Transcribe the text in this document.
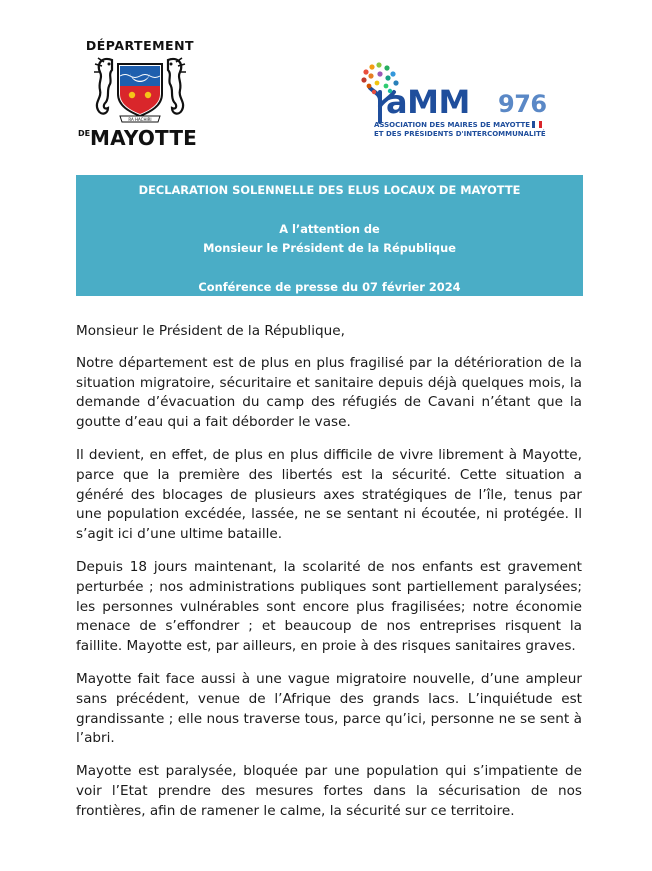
DÉPARTEMENT
RA HACHIRI
DE MAYOTTE
aMM 976
ASSOCIATION DES MAIRES DE MAYOTTE
ET DES PRÉSIDENTS D'INTERCOMMUNALITÉ
DECLARATION SOLENNELLE DES ELUS LOCAUX DE MAYOTTE
A l’attention de
Monsieur le Président de la République
Conférence de presse du 07 février 2024

Monsieur le Président de la République,

Notre département est de plus en plus fragilisé par la détérioration de la situation migratoire, sécuritaire et sanitaire depuis déjà quelques mois, la demande d’évacuation du camp des réfugiés de Cavani n’étant que la goutte d’eau qui a fait déborder le vase.

Il devient, en effet, de plus en plus difficile de vivre librement à Mayotte, parce que la première des libertés est la sécurité. Cette situation a généré des blocages de plusieurs axes stratégiques de l’île, tenus par une population excédée, lassée, ne se sentant ni écoutée, ni protégée. Il s’agit ici d’une ultime bataille.

Depuis 18 jours maintenant, la scolarité de nos enfants est gravement perturbée ; nos administrations publiques sont partiellement paralysées; les personnes vulnérables sont encore plus fragilisées; notre économie menace de s’effondrer ; et beaucoup de nos entreprises risquent la faillite. Mayotte est, par ailleurs, en proie à des risques sanitaires graves.

Mayotte fait face aussi à une vague migratoire nouvelle, d’une ampleur sans précédent, venue de l’Afrique des grands lacs. L’inquiétude est grandissante ; elle nous traverse tous, parce qu’ici, personne ne se sent à l’abri.

Mayotte est paralysée, bloquée par une population qui s’impatiente de voir l’Etat prendre des mesures fortes dans la sécurisation de nos frontières, afin de ramener le calme, la sécurité sur ce territoire.
